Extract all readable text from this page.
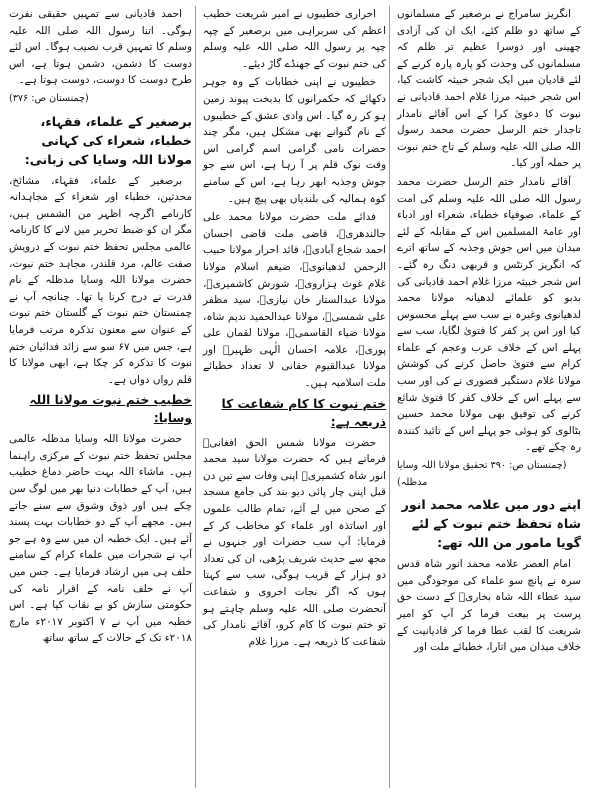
انگریز سامراج نے برصغیر کے مسلمانوں کے ساتھ دو ظلم کئے، ایک ان کی آزادی چھینی اور دوسرا عظیم تر ظلم کہ مسلمانوں کی وحدت کو پارہ پارہ کرنے کے لئے قادیان میں ایک شجر خبیثہ کاشت کیا، اس شجر خبیثہ مرزا غلام احمد قادیانی نے نبوت کا دعویٰ کرا کے اس آقائے نامدار تاجدار ختم الرسل حضرت محمد رسول اللہ صلی اللہ علیہ وسلم کے تاج ختم نبوت پر حملہ آور کیا۔

آقائے نامدار ختم الرسل حضرت محمد رسول اللہ صلی اللہ علیہ وسلم کی امت کے علماء، صوفیاء خطباء، شعراء اور ادباء اور عامۃ المسلمین اس کے مقابلہ کے لئے میدان میں اس جوش وجذبہ کے ساتھ اترے کہ انگریز کرنٹس و قربھی دنگ رہ گئے۔ اس شجر خبیثہ مرزا غلام احمد قادیانی کی بدبو کو علمائے لدھیانہ مولانا محمد لدھیانوی وغیرہ نے سب سے پہلے محسوس کیا اور اس پر کفر کا فتویٰ لگایا، سب سے پہلے اس کے خلاف عرب وعجم کے علماء کرام سے فتویٰ حاصل کرنے کی کوشش مولانا غلام دستگیر قصوری نے کی اور سب سے پہلے اس کے خلاف کفر کا فتویٰ شائع کرنے کی توفیق بھی مولانا محمد حسین بٹالوی کو ہوئی جو پہلے اس کے تائید کنندہ رہ چکے تھے۔

(چمنستان ص: ۳۹۰ تحقیق مولانا اللہ وسایا مدظلہ)
اپنے دور میں علامہ محمد انور شاہ تحفظ ختم نبوت کے لئے گویا مامور من اللہ تھے:

امام العصر علامہ محمد انور شاہ قدس سرہ نے پانچ سو علماء کی موجودگی میں سید عطاء اللہ شاہ بخاریؒ کے دست حق پرست پر بیعت فرما کر آپ کو امیر شریعت کا لقب عطا فرما کر قادیانیت کے خلاف میدان میں اتارا، خطبائے ملت اور

احراری خطیبوں نے امیر شریعت خطیب اعظم کی سربراہی میں برصغیر کے چپہ چپہ پر رسول اللہ صلی اللہ علیہ وسلم کی ختم نبوت کے جھنڈے گاڑ دیئے۔

خطیبوں نے اپنی خطابات کے وہ جوہر دکھائے کہ حکمرانوں کا بدبخت پیوند زمین ہو کر رہ گیا۔ اس وادی عشق کے خطیبوں کے نام گنوانے بھی مشکل ہیں، مگر چند حضرات نامی گرامی اسم گرامی اس وقت نوک قلم پر آ رہا ہے، اس سے جو جوش وجذبہ ابھر رہا ہے، اس کے سامنے کوہ ہمالیہ کی بلندیاں بھی پیچ ہیں۔

فدائے ملت حضرت مولانا محمد علی جالندھریؒ، قاضی ملت قاضی احسان احمد شجاع آبادیؒ، قائد احرار مولانا حبیب الرحمن لدھیانویؒ، ضیغم اسلام مولانا غلام غوث ہزارویؒ، شورش کاشمیریؒ، مولانا عبدالستار خان نیازیؒ، سید مظفر علی شمسیؒ، مولانا عبدالحمید ندیم شاہ، مولانا ضیاء القاسمیؒ، مولانا لقمان علی پوریؒ، علامہ احسان الٰہی ظہیرؒ اور مولانا عبدالقیوم حقانی لا تعداد خطبائے ملت اسلامیہ ہیں۔

ختم نبوت کا کام شفاعت کا ذریعہ ہے:

حضرت مولانا شمس الحق افغانیؒ فرماتے ہیں کہ حضرت مولانا سید محمد انور شاہ کشمیریؒ اپنی وفات سے تین دن قبل اپنی چار پائی دیو بند کی جامع مسجد کے صحن میں لے آئے، تمام طالب علموں اور اساتذہ اور علماء کو مخاطب کر کے فرمایا: آپ سب حضرات اور جنہوں نے مجھ سے حدیث شریف پڑھی، ان کی تعداد دو ہزار کے قریب ہوگی، سب سے کہتا ہوں کہ اگر نجات اخروی و شفاعت آنحضرت صلی اللہ علیہ وسلم چاہتے ہو تو ختم نبوت کا کام کرو، آقائے نامدار کی شفاعت کا ذریعہ ہے۔ مرزا غلام

احمد قادیانی سے تمہیں حقیقی نفرت ہوگی۔ اتنا رسول اللہ صلی اللہ علیہ وسلم کا تمہیں قرب نصیب ہوگا۔ اس لئے دوست کا دشمن، دشمن ہوتا ہے، اس طرح دوست کا دوست، دوست ہوتا ہے۔

(چمنستان ص: ۳۷۶)
برصغیر کے علماء، فقہاء، خطباء، شعراء کی کہانی مولانا اللہ وسایا کی زبانی:

برصغیر کے علماء، فقہاء، مشائخ، محدثین، خطباء اور شعراء کے مجاہدانہ کارنامے اگرچہ اظہر من الشمس ہیں، مگر ان کو ضبط تحریر میں لانے کا کارنامہ عالمی مجلس تحفظ ختم نبوت کے درویش صفت عالم، مرد قلندر، مجاہد ختم نبوت، حضرت مولانا اللہ وسایا مدظلہ کے نام قدرت نے درج کرنا یا تھا۔ چنانچہ آپ نے چمنستان ختم نبوت کے گلستان ختم نبوت کے عنوان سے معنون تذکرہ مرتب فرمایا ہے، جس میں ۶۷ سو سے زائد فدائیان ختم نبوت کا تذکرہ کر چکا ہے، ابھی مولانا کا قلم رواں دواں ہے۔

خطیب ختم نبوت مولانا اللہ وسایا:

حضرت مولانا اللہ وسایا مدظلہ عالمی مجلس تحفظ ختم نبوت کے مرکزی راہنما ہیں۔ ماشاء اللہ بہت حاضر دماغ خطیب ہیں، آپ کے خطابات دنیا بھر میں لوگ سن چکے ہیں اور ذوق وشوق سے سنے جاتے ہیں۔ مجھے آپ کے دو خطابات بہت پسند آئے ہیں۔ ایک خطبہ ان میں سے وہ ہے جو آپ نے شجرات میں علماء کرام کے سامنے حلف ہی میں ارشاد فرمایا ہے۔ جس میں آپ نے حلف نامہ کے اقرار نامہ کی حکومتی سازش کو بے نقاب کیا ہے۔ اس خطبہ میں آپ نے ۷ اکتوبر ۲۰۱۷ء مارچ ۲۰۱۸ء تک کے حالات کے ساتھ ساتھ
